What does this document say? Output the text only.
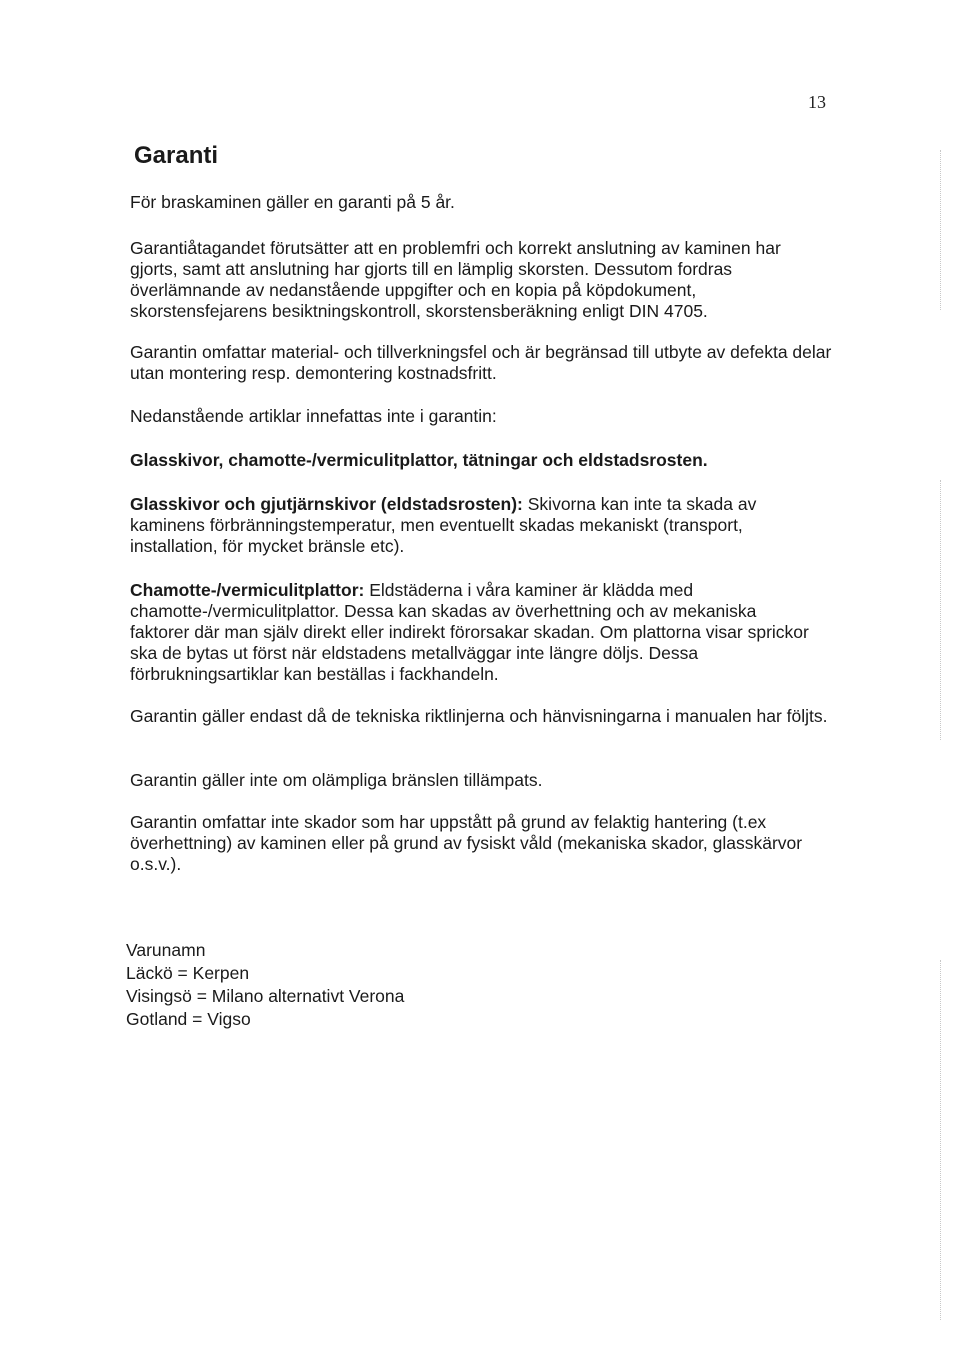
13
Garanti

För braskaminen gäller en garanti på 5 år.

Garantiåtagandet förutsätter att en problemfri och korrekt anslutning av kaminen har gjorts, samt att anslutning har gjorts till en lämplig skorsten. Dessutom fordras överlämnande av nedanstående uppgifter och en kopia på köpdokument, skorstensfejarens besiktningskontroll, skorstensberäkning enligt DIN 4705.

Garantin omfattar material- och tillverkningsfel och är begränsad till utbyte av defekta delar utan montering resp. demontering kostnadsfritt.

Nedanstående artiklar innefattas inte i garantin:

Glasskivor, chamotte-/vermiculitplattor, tätningar och eldstadsrosten.

Glasskivor och gjutjärnskivor (eldstadsrosten): Skivorna kan inte ta skada av kaminens förbränningstemperatur, men eventuellt skadas mekaniskt (transport, installation, för mycket bränsle etc).

Chamotte-/vermiculitplattor: Eldstäderna i våra kaminer är klädda med chamotte-/vermiculitplattor. Dessa kan skadas av överhettning och av mekaniska faktorer där man själv direkt eller indirekt förorsakar skadan. Om plattorna visar sprickor ska de bytas ut först när eldstadens metallväggar inte längre döljs. Dessa förbrukningsartiklar kan beställas i fackhandeln.

Garantin gäller endast då de tekniska riktlinjerna och hänvisningarna i manualen har följts.

Garantin gäller inte om olämpliga bränslen tillämpats.

Garantin omfattar inte skador som har uppstått på grund av felaktig hantering (t.ex överhettning) av kaminen eller på grund av fysiskt våld (mekaniska skador, glasskärvor o.s.v.).

Varunamn
Läckö = Kerpen
Visingsö = Milano alternativt Verona
Gotland = Vigso
